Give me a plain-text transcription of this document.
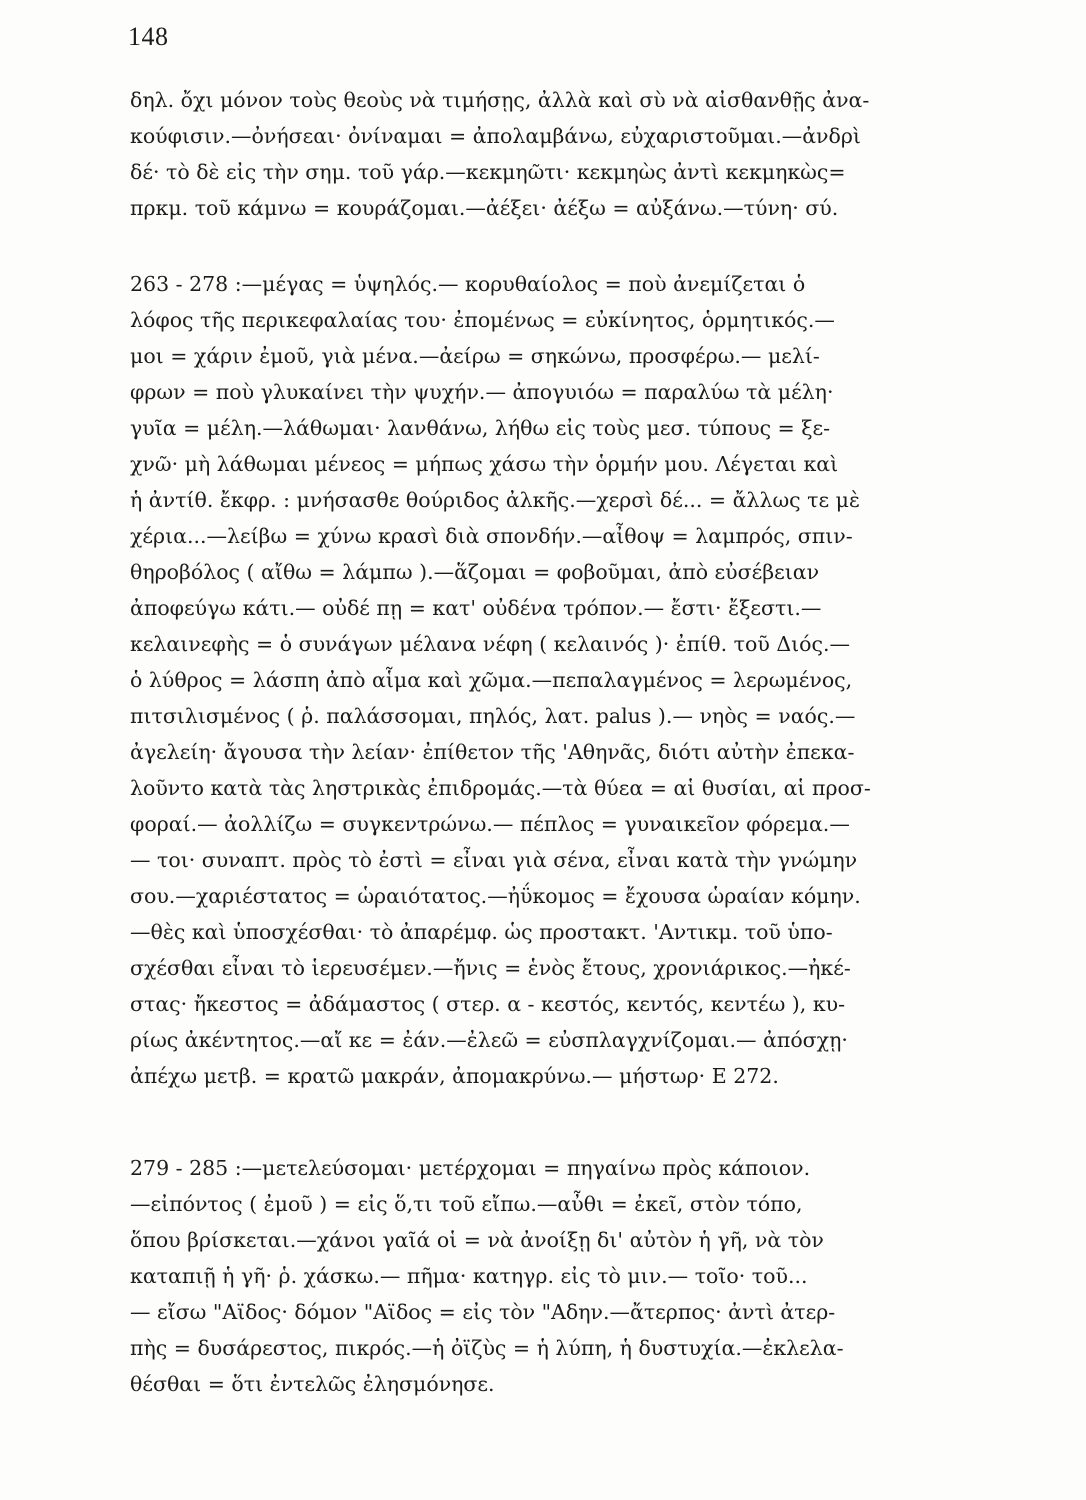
148
δηλ. ὄχι μόνον τοὺς θεοὺς νὰ τιμήσῃς, ἀλλὰ καὶ σὺ νὰ αἰσθανθῇς ἀνα-
κούφισιν.—ὀνήσεαι· ὀνίναμαι = ἀπολαμβάνω, εὐχαριστοῦμαι.—ἀνδρὶ
δέ· τὸ δὲ εἰς τὴν σημ. τοῦ γάρ.—κεκμηῶτι· κεκμηὼς ἀντὶ κεκμηκὼς=
πρκμ. τοῦ κάμνω = κουράζομαι.—ἀέξει· ἀέξω = αὐξάνω.—τύνη· σύ.
263 - 278 :—μέγας = ὑψηλός.— κορυθαίολος = ποὺ ἀνεμίζεται ὁ
λόφος τῆς περικεφαλαίας του· ἐπομένως = εὐκίνητος, ὁρμητικός.—
μοι = χάριν ἐμοῦ, γιὰ μένα.—ἀείρω = σηκώνω, προσφέρω.— μελί-
φρων = ποὺ γλυκαίνει τὴν ψυχήν.— ἀπογυιόω = παραλύω τὰ μέλη·
γυῖα = μέλη.—λάθωμαι· λανθάνω, λήθω εἰς τοὺς μεσ. τύπους = ξε-
χνῶ· μὴ λάθωμαι μένεος = μήπως χάσω τὴν ὁρμήν μου. Λέγεται καὶ
ἡ ἀντίθ. ἔκφρ. : μνήσασθε θούριδος ἀλκῆς.—χερσὶ δέ... = ἄλλως τε μὲ
χέρια...—λείβω = χύνω κρασὶ διὰ σπονδήν.—αἶθοψ = λαμπρός, σπιν-
θηροβόλος ( αἴθω = λάμπω ).—ἅζομαι = φοβοῦμαι, ἀπὸ εὐσέβειαν
ἀποφεύγω κάτι.— οὐδέ πῃ = κατ' οὐδένα τρόπον.— ἔστι· ἔξεστι.—
κελαινεφὴς = ὁ συνάγων μέλανα νέφη ( κελαινός )· ἐπίθ. τοῦ Διός.—
ὁ λύθρος = λάσπη ἀπὸ αἷμα καὶ χῶμα.—πεπαλαγμένος = λερωμένος,
πιτσιλισμένος ( ῥ. παλάσσομαι, πηλός, λατ. palus ).— νηὸς = ναός.—
ἀγελείη· ἄγουσα τὴν λείαν· ἐπίθετον τῆς 'Αθηνᾶς, διότι αὐτὴν ἐπεκα-
λοῦντο κατὰ τὰς ληστρικὰς ἐπιδρομάς.—τὰ θύεα = αἱ θυσίαι, αἱ προσ-
φοραί.— ἀολλίζω = συγκεντρώνω.— πέπλος = γυναικεῖον φόρεμα.—
— τοι· συναπτ. πρὸς τὸ ἐστὶ = εἶναι γιὰ σένα, εἶναι κατὰ τὴν γνώμην
σου.—χαριέστατος = ὡραιότατος.—ἠΰκομος = ἔχουσα ὡραίαν κόμην.
—θὲς καὶ ὑποσχέσθαι· τὸ ἀπαρέμφ. ὡς προστακτ. 'Αντικμ. τοῦ ὑπο-
σχέσθαι εἶναι τὸ ἱερευσέμεν.—ἤνις = ἑνὸς ἔτους, χρονιάρικος.—ἠκέ-
στας· ἤκεστος = ἀδάμαστος ( στερ. α - κεστός, κεντός, κεντέω ), κυ-
ρίως ἀκέντητος.—αἴ κε = ἐάν.—ἐλεῶ = εὐσπλαγχνίζομαι.— ἀπόσχῃ·
ἀπέχω μετβ. = κρατῶ μακράν, ἀπομακρύνω.— μήστωρ· Ε 272.
279 - 285 :—μετελεύσομαι· μετέρχομαι = πηγαίνω πρὸς κάποιον.
—εἰπόντος ( ἐμοῦ ) = εἰς ὅ,τι τοῦ εἴπω.—αὖθι = ἐκεῖ, στὸν τόπο,
ὅπου βρίσκεται.—χάνοι γαῖά οἱ = νὰ ἀνοίξῃ δι' αὐτὸν ἡ γῆ, νὰ τὸν
καταπιῇ ἡ γῆ· ῥ. χάσκω.— πῆμα· κατηγρ. εἰς τὸ μιν.— τοῖο· τοῦ...
— εἴσω "Αϊδος· δόμον "Αϊδος = εἰς τὸν "Αδην.—ἄτερπος· ἀντὶ ἀτερ-
πὴς = δυσάρεστος, πικρός.—ἡ ὀϊζὺς = ἡ λύπη, ἡ δυστυχία.—ἐκλελα-
θέσθαι = ὅτι ἐντελῶς ἐλησμόνησε.
